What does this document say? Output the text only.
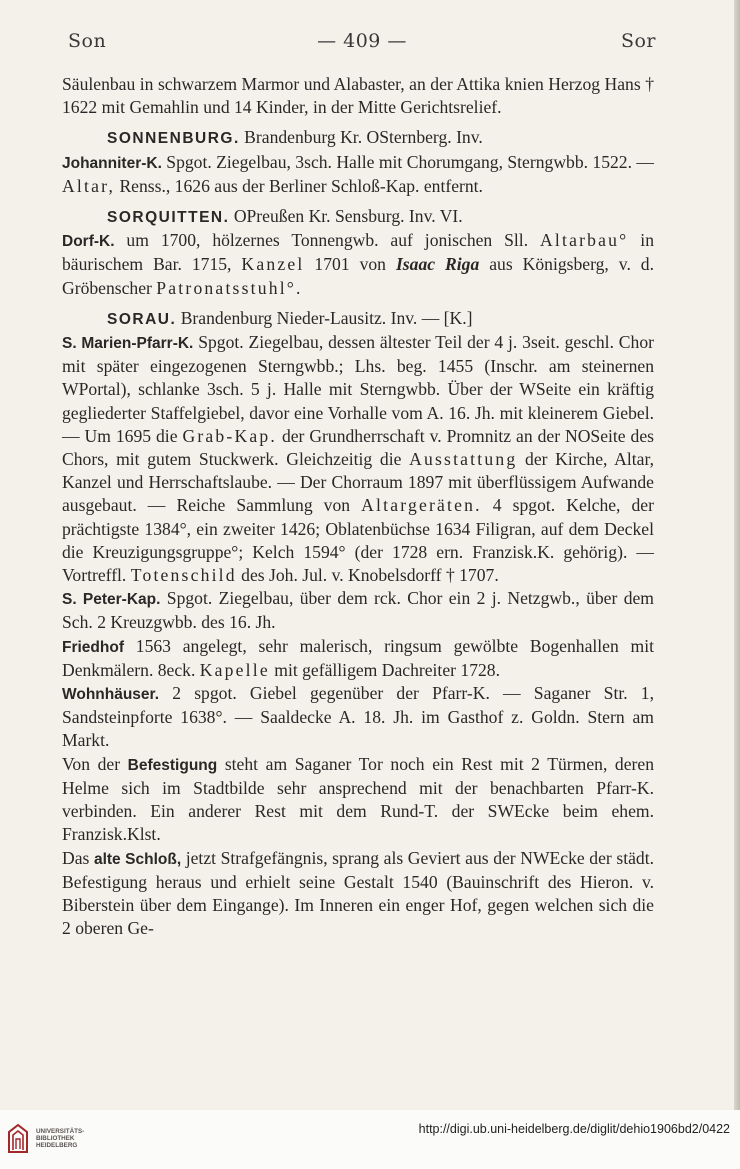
Son	— 409 —	Sor

Säulenbau in schwarzem Marmor und Alabaster, an der Attika knien Herzog Hans † 1622 mit Gemahlin und 14 Kinder, in der Mitte Gerichtsrelief.

SONNENBURG. Brandenburg Kr. OSternberg. Inv.

Johanniter-K. Spgot. Ziegelbau, 3sch. Halle mit Chorumgang, Sterngwbb. 1522. — Altar, Renss., 1626 aus der Berliner Schloß-Kap. entfernt.

SORQUITTEN. OPreußen Kr. Sensburg. Inv. VI.

Dorf-K. um 1700, hölzernes Tonnengwb. auf jonischen Sll. Altarbau° in bäurischem Bar. 1715, Kanzel 1701 von Isaac Riga aus Königsberg, v. d. Gröbenscher Patronatsstuhl°.

SORAU. Brandenburg Nieder-Lausitz. Inv. — [K.]

S. Marien-Pfarr-K. Spgot. Ziegelbau, dessen ältester Teil der 4 j. 3seit. geschl. Chor mit später eingezogenen Sterngwbb.; Lhs. beg. 1455 (Inschr. am steinernen WPortal), schlanke 3sch. 5 j. Halle mit Sterngwbb. Über der WSeite ein kräftig gegliederter Staffelgiebel, davor eine Vorhalle vom A. 16. Jh. mit kleinerem Giebel. — Um 1695 die Grab-Kap. der Grundherrschaft v. Promnitz an der NOSeite des Chors, mit gutem Stuckwerk. Gleichzeitig die Ausstattung der Kirche, Altar, Kanzel und Herrschaftslaube. — Der Chorraum 1897 mit überflüssigem Aufwande ausgebaut. — Reiche Sammlung von Altargeräten. 4 spgot. Kelche, der prächtigste 1384°, ein zweiter 1426; Oblatenbüchse 1634 Filigran, auf dem Deckel die Kreuzigungsgruppe°; Kelch 1594° (der 1728 ern. Franzisk.K. gehörig). — Vortreffl. Totenschild des Joh. Jul. v. Knobelsdorff † 1707.

S. Peter-Kap. Spgot. Ziegelbau, über dem rck. Chor ein 2 j. Netzgwb., über dem Sch. 2 Kreuzgwbb. des 16. Jh.

Friedhof 1563 angelegt, sehr malerisch, ringsum gewölbte Bogenhallen mit Denkmälern. 8eck. Kapelle mit gefälligem Dachreiter 1728.

Wohnhäuser. 2 spgot. Giebel gegenüber der Pfarr-K. — Saganer Str. 1, Sandsteinpforte 1638°. — Saaldecke A. 18. Jh. im Gasthof z. Goldn. Stern am Markt.

Von der Befestigung steht am Saganer Tor noch ein Rest mit 2 Türmen, deren Helme sich im Stadtbilde sehr ansprechend mit der benachbarten Pfarr-K. verbinden. Ein anderer Rest mit dem Rund-T. der SWEcke beim ehem. Franzisk.Klst.

Das alte Schloß, jetzt Strafgefängnis, sprang als Geviert aus der NWEcke der städt. Befestigung heraus und erhielt seine Gestalt 1540 (Bauinschrift des Hieron. v. Biberstein über dem Eingange). Im Inneren ein enger Hof, gegen welchen sich die 2 oberen Ge-

UNIVERSITÄTS-
BIBLIOTHEK
HEIDELBERG
http://digi.ub.uni-heidelberg.de/diglit/dehio1906bd2/0422
